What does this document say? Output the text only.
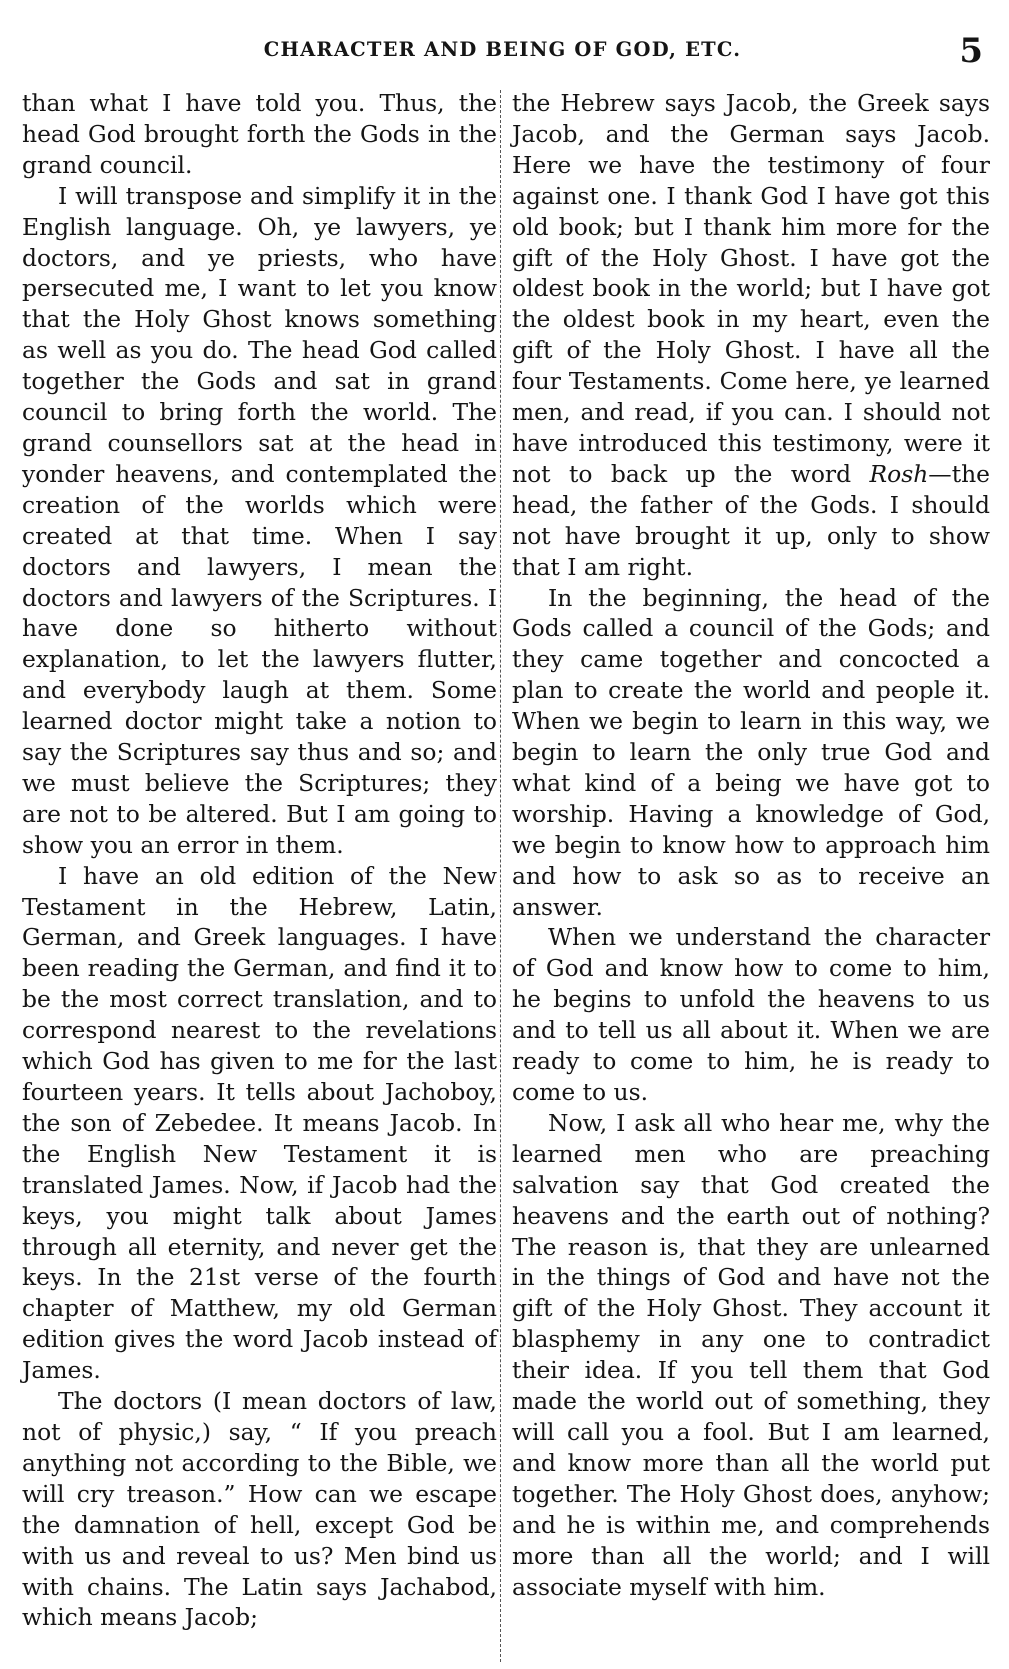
CHARACTER AND BEING OF GOD, ETC.	5

than what I have told you. Thus, the head God brought forth the Gods in the grand council.

I will transpose and simplify it in the English language. Oh, ye lawyers, ye doctors, and ye priests, who have persecuted me, I want to let you know that the Holy Ghost knows something as well as you do. The head God called together the Gods and sat in grand council to bring forth the world. The grand counsellors sat at the head in yonder heavens, and contemplated the creation of the worlds which were created at that time. When I say doctors and lawyers, I mean the doctors and lawyers of the Scriptures. I have done so hitherto without explanation, to let the lawyers flutter, and everybody laugh at them. Some learned doctor might take a notion to say the Scriptures say thus and so; and we must believe the Scriptures; they are not to be altered. But I am going to show you an error in them.

I have an old edition of the New Testament in the Hebrew, Latin, German, and Greek languages. I have been reading the German, and find it to be the most correct translation, and to correspond nearest to the revelations which God has given to me for the last fourteen years. It tells about Jachoboy, the son of Zebedee. It means Jacob. In the English New Testament it is translated James. Now, if Jacob had the keys, you might talk about James through all eternity, and never get the keys. In the 21st verse of the fourth chapter of Matthew, my old German edition gives the word Jacob instead of James.

The doctors (I mean doctors of law, not of physic,) say, “ If you preach anything not according to the Bible, we will cry treason.” How can we escape the damnation of hell, except God be with us and reveal to us? Men bind us with chains. The Latin says Jachabod, which means Jacob;

the Hebrew says Jacob, the Greek says Jacob, and the German says Jacob. Here we have the testimony of four against one. I thank God I have got this old book; but I thank him more for the gift of the Holy Ghost. I have got the oldest book in the world; but I have got the oldest book in my heart, even the gift of the Holy Ghost. I have all the four Testaments. Come here, ye learned men, and read, if you can. I should not have introduced this testimony, were it not to back up the word Rosh—the head, the father of the Gods. I should not have brought it up, only to show that I am right.

In the beginning, the head of the Gods called a council of the Gods; and they came together and concocted a plan to create the world and people it. When we begin to learn in this way, we begin to learn the only true God and what kind of a being we have got to worship. Having a knowledge of God, we begin to know how to approach him and how to ask so as to receive an answer.

When we understand the character of God and know how to come to him, he begins to unfold the heavens to us and to tell us all about it. When we are ready to come to him, he is ready to come to us.

Now, I ask all who hear me, why the learned men who are preaching salvation say that God created the heavens and the earth out of nothing? The reason is, that they are unlearned in the things of God and have not the gift of the Holy Ghost. They account it blasphemy in any one to contradict their idea. If you tell them that God made the world out of something, they will call you a fool. But I am learned, and know more than all the world put together. The Holy Ghost does, anyhow; and he is within me, and comprehends more than all the world; and I will associate myself with him.
